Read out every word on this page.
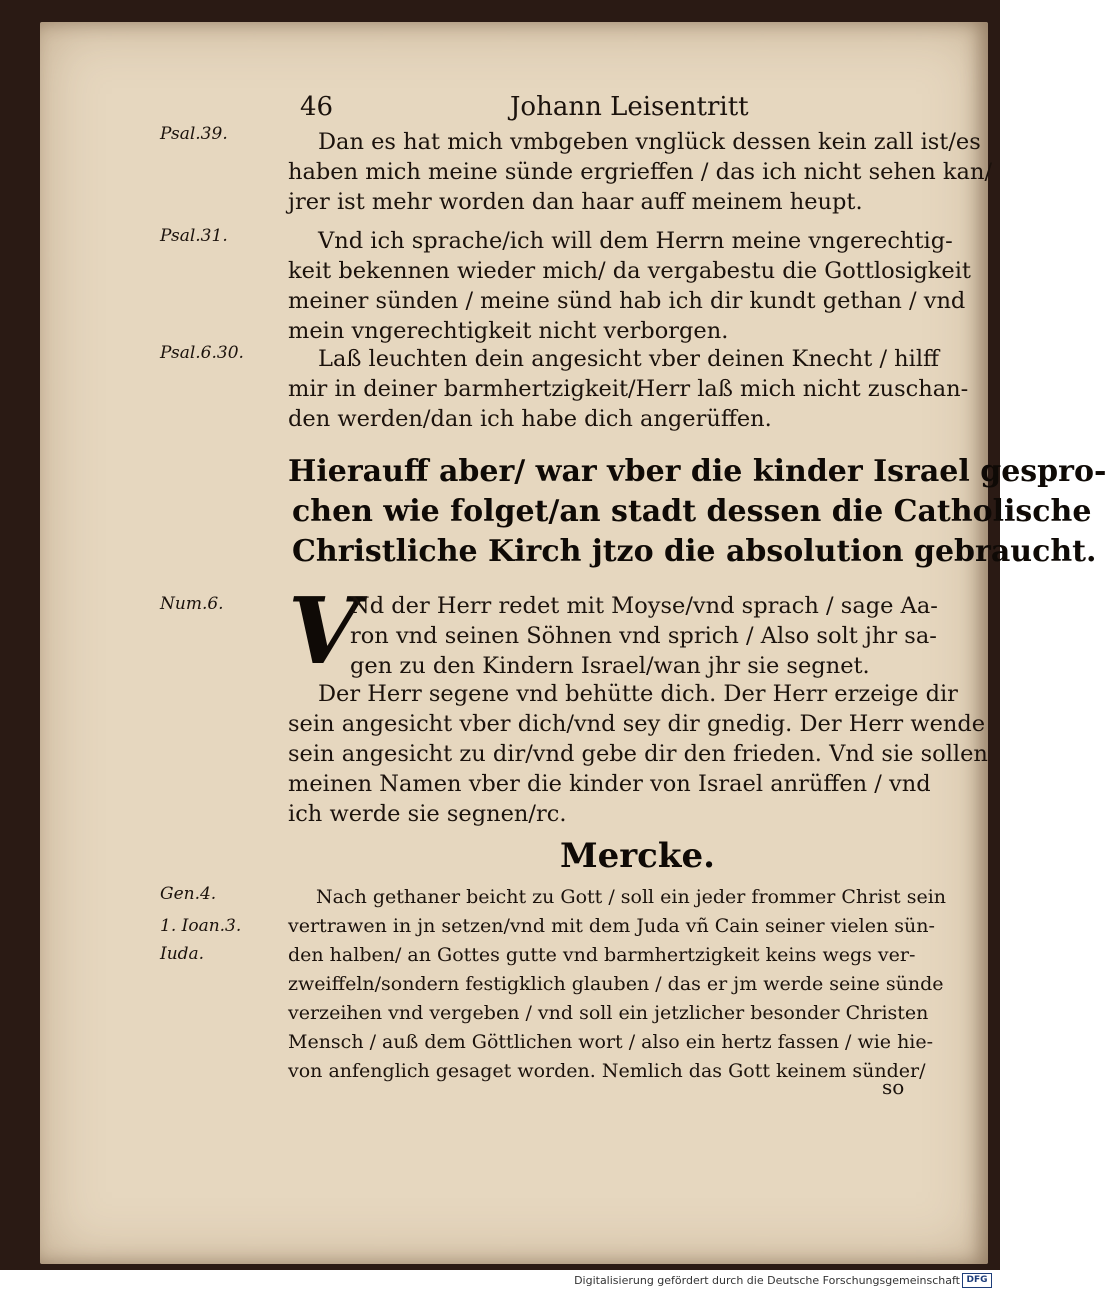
46	Johann Leisentritt
Psal.39.
Psal.31.
Psal.6.30.
Num.6.
Gen.4.
1. Ioan.3.
Iuda.
Dan es hat mich vmbgeben vnglück dessen kein zall ist/es
haben mich meine sünde ergrieffen / das ich nicht sehen kan/
jrer ist mehr worden dan haar auff meinem heupt.
Vnd ich sprache/ich will dem Herrn meine vngerechtig-
keit bekennen wieder mich/ da vergabestu die Gottlosigkeit
meiner sünden / meine sünd hab ich dir kundt gethan / vnd
mein vngerechtigkeit nicht verborgen.
Laß leuchten dein angesicht vber deinen Knecht / hilff
mir in deiner barmhertzigkeit/Herr laß mich nicht zuschan-
den werden/dan ich habe dich angerüffen.
Hierauff aber/ war vber die kinder Israel gespro-
chen wie folget/an stadt dessen die Catholische
Christliche Kirch jtzo die absolution gebraucht.
V
Nd der Herr redet mit Moyse/vnd sprach / sage Aa-
ron vnd seinen Söhnen vnd sprich / Also solt jhr sa-
gen zu den Kindern Israel/wan jhr sie segnet.
Der Herr segene vnd behütte dich. Der Herr erzeige dir
sein angesicht vber dich/vnd sey dir gnedig. Der Herr wende
sein angesicht zu dir/vnd gebe dir den frieden. Vnd sie sollen
meinen Namen vber die kinder von Israel anrüffen / vnd
ich werde sie segnen/rc.
Mercke.
Nach gethaner beicht zu Gott / soll ein jeder frommer Christ sein
vertrawen in jn setzen/vnd mit dem Juda vñ Cain seiner vielen sün-
den halben/ an Gottes gutte vnd barmhertzigkeit keins wegs ver-
zweiffeln/sondern festigklich glauben / das er jm werde seine sünde
verzeihen vnd vergeben / vnd soll ein jetzlicher besonder Christen
Mensch / auß dem Göttlichen wort / also ein hertz fassen / wie hie-
von anfenglich gesaget worden. Nemlich das Gott keinem sünder/
so
Digitalisierung gefördert durch die Deutsche Forschungsgemeinschaft DFG
